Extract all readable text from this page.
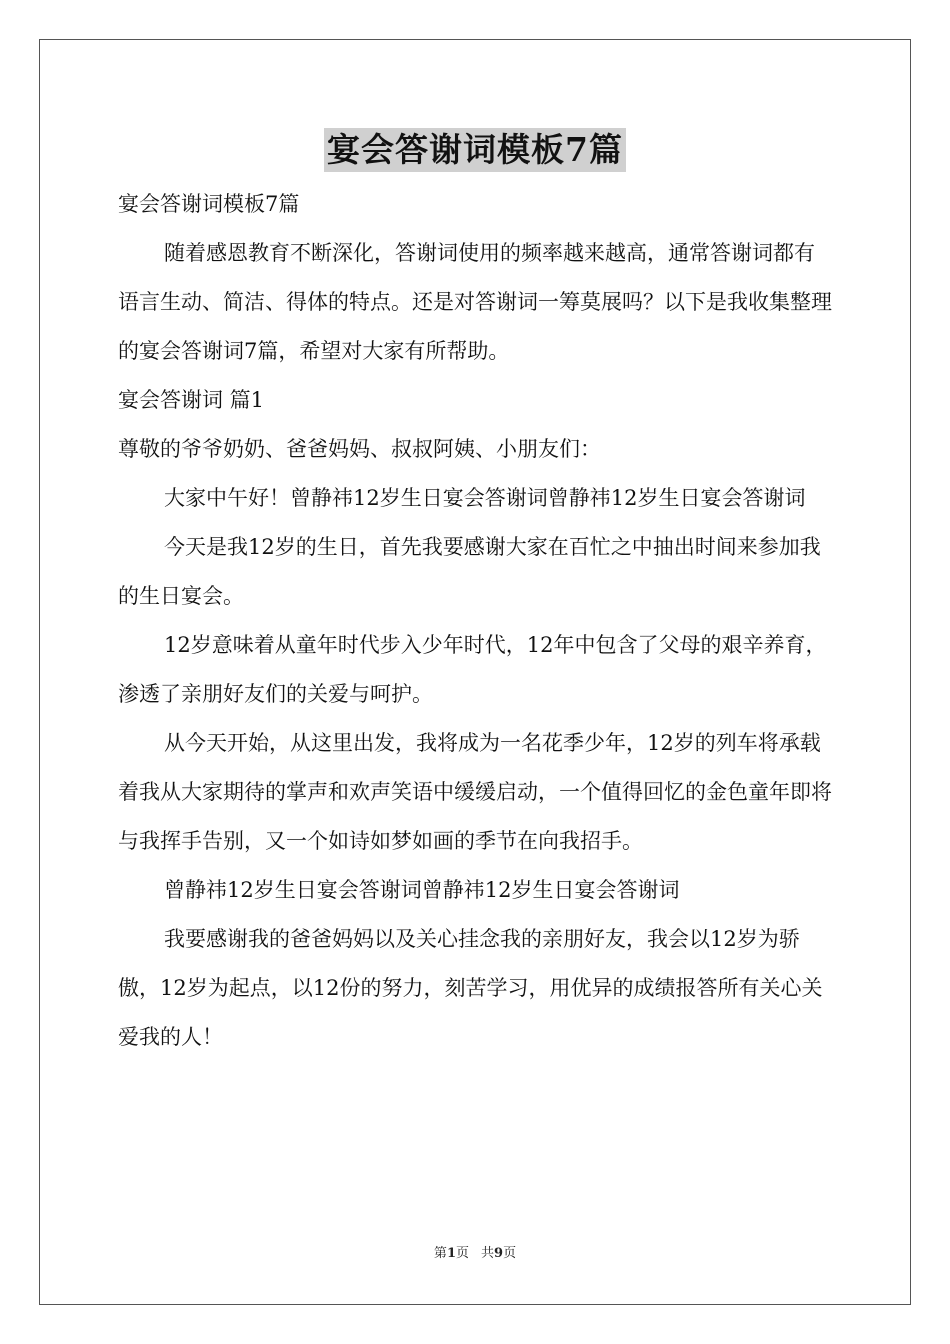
宴会答谢词模板7篇

宴会答谢词模板7篇

随着感恩教育不断深化，答谢词使用的频率越来越高，通常答谢词都有语言生动、简洁、得体的特点。还是对答谢词一筹莫展吗？以下是我收集整理的宴会答谢词7篇，希望对大家有所帮助。

宴会答谢词 篇1

尊敬的爷爷奶奶、爸爸妈妈、叔叔阿姨、小朋友们：

大家中午好！曾静祎12岁生日宴会答谢词曾静祎12岁生日宴会答谢词

今天是我12岁的生日，首先我要感谢大家在百忙之中抽出时间来参加我的生日宴会。

12岁意味着从童年时代步入少年时代，12年中包含了父母的艰辛养育，渗透了亲朋好友们的关爱与呵护。

从今天开始，从这里出发，我将成为一名花季少年，12岁的列车将承载着我从大家期待的掌声和欢声笑语中缓缓启动，一个值得回忆的金色童年即将与我挥手告别，又一个如诗如梦如画的季节在向我招手。

曾静祎12岁生日宴会答谢词曾静祎12岁生日宴会答谢词

我要感谢我的爸爸妈妈以及关心挂念我的亲朋好友，我会以12岁为骄傲，12岁为起点，以12份的努力，刻苦学习，用优异的成绩报答所有关心关爱我的人！

第1页 共9页
